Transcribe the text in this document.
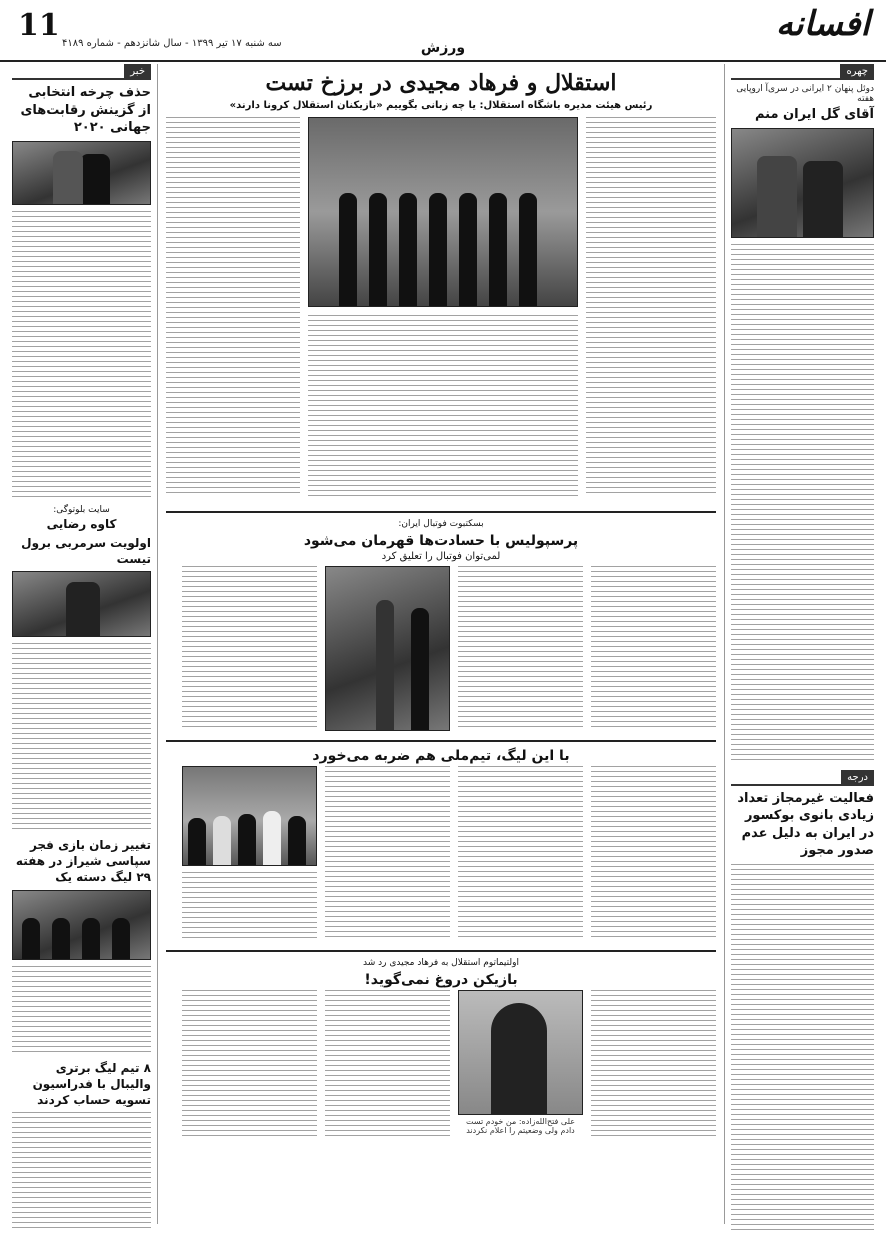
11
سه شنبه ۱۷ تیر ۱۳۹۹ - سال شانزدهم - شماره ۴۱۸۹	ورزش
افسانه
چهره
دوئل پنهان ۲ ایرانی در سری‌آ اروپایی هفته
آقای گل ایران منم
درجه
فعالیت غیرمجاز تعداد زیادی بانوی بوکسور در ایران به دلیل عدم صدور مجوز
خبر
حذف چرخه انتخابی از گزینش رقابت‌های جهانی ۲۰۲۰
سایت بلوتوگی:
کاوه رضایی
اولویت سرمربی برول تیست
تغییر زمان بازی فجر سپاسی شیراز در هفته ۲۹ لیگ دسته یک
۸ تیم لیگ برتری والیبال با فدراسیون تسویه حساب کردند
استقلال و فرهاد مجیدی در برزخ تست
رئیس هیئت مدیره باشگاه استقلال: یا چه زبانی بگوییم «بازیکنان استقلال کرونا دارند»
بسکتبوت فوتبال ایران:
پرسپولیس با حسادت‌ها قهرمان می‌شود
لمی‌توان فوتبال را تعلیق کرد
با این لیگ، تیم‌ملی هم ضربه می‌خورد
اولتیماتوم استقلال به فرهاد مجیدی رد شد
بازیکن دروغ نمی‌گوید!
علی فتح‌الله‌زاده: من خودم تست دادم ولی وضعیتم را اعلام نکردند
